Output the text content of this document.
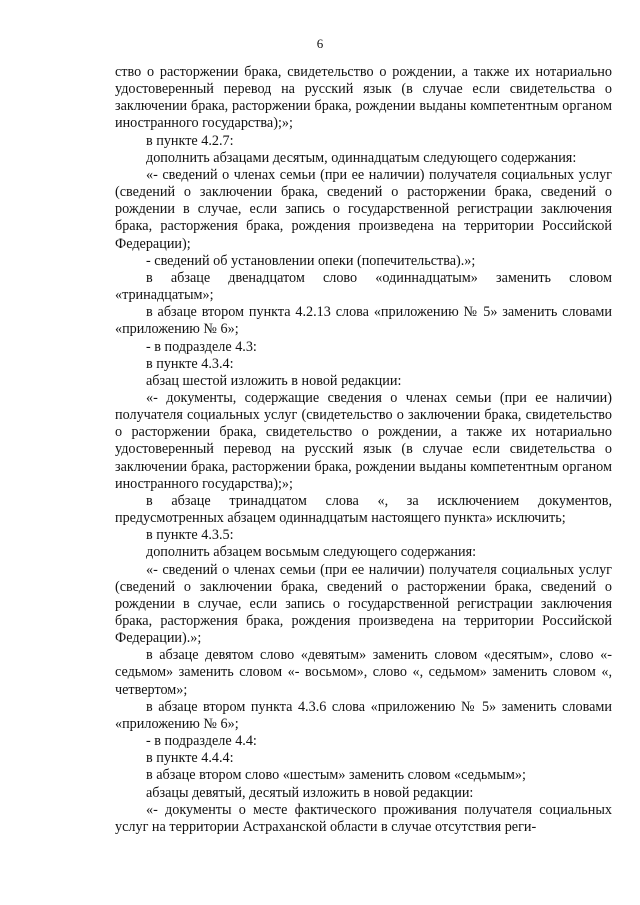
6

ство о расторжении брака, свидетельство о рождении, а также их нотариально удостоверенный перевод на русский язык (в случае если свидетельства о заключении брака, расторжении брака, рождении выданы компетентным органом иностранного государства);»;

в пункте 4.2.7:

дополнить абзацами десятым, одиннадцатым следующего содержания:

«- сведений о членах семьи (при ее наличии) получателя социальных услуг (сведений о заключении брака, сведений о расторжении брака, сведений о рождении в случае, если запись о государственной регистрации заключения брака, расторжения брака, рождения произведена на территории Российской Федерации);

- сведений об установлении опеки (попечительства).»;

в абзаце двенадцатом слово «одиннадцатым» заменить словом «тринадцатым»;

в абзаце втором пункта 4.2.13 слова «приложению № 5» заменить словами «приложению № 6»;

- в подразделе 4.3:

в пункте 4.3.4:

абзац шестой изложить в новой редакции:

«- документы, содержащие сведения о членах семьи (при ее наличии) получателя социальных услуг (свидетельство о заключении брака, свидетельство о расторжении брака, свидетельство о рождении, а также их нотариально удостоверенный перевод на русский язык (в случае если свидетельства о заключении брака, расторжении брака, рождении выданы компетентным органом иностранного государства);»;

в абзаце тринадцатом слова «, за исключением документов, предусмотренных абзацем одиннадцатым настоящего пункта» исключить;

в пункте 4.3.5:

дополнить абзацем восьмым следующего содержания:

«- сведений о членах семьи (при ее наличии) получателя социальных услуг (сведений о заключении брака, сведений о расторжении брака, сведений о рождении в случае, если запись о государственной регистрации заключения брака, расторжения брака, рождения произведена на территории Российской Федерации).»;

в абзаце девятом слово «девятым» заменить словом «десятым», слово «- седьмом» заменить словом «- восьмом», слово «, седьмом» заменить словом «, четвертом»;

в абзаце втором пункта 4.3.6 слова «приложению № 5» заменить словами «приложению № 6»;

- в подразделе 4.4:

в пункте 4.4.4:

в абзаце втором слово «шестым» заменить словом «седьмым»;

абзацы девятый, десятый изложить в новой редакции:

«- документы о месте фактического проживания получателя социальных услуг на территории Астраханской области в случае отсутствия реги-
